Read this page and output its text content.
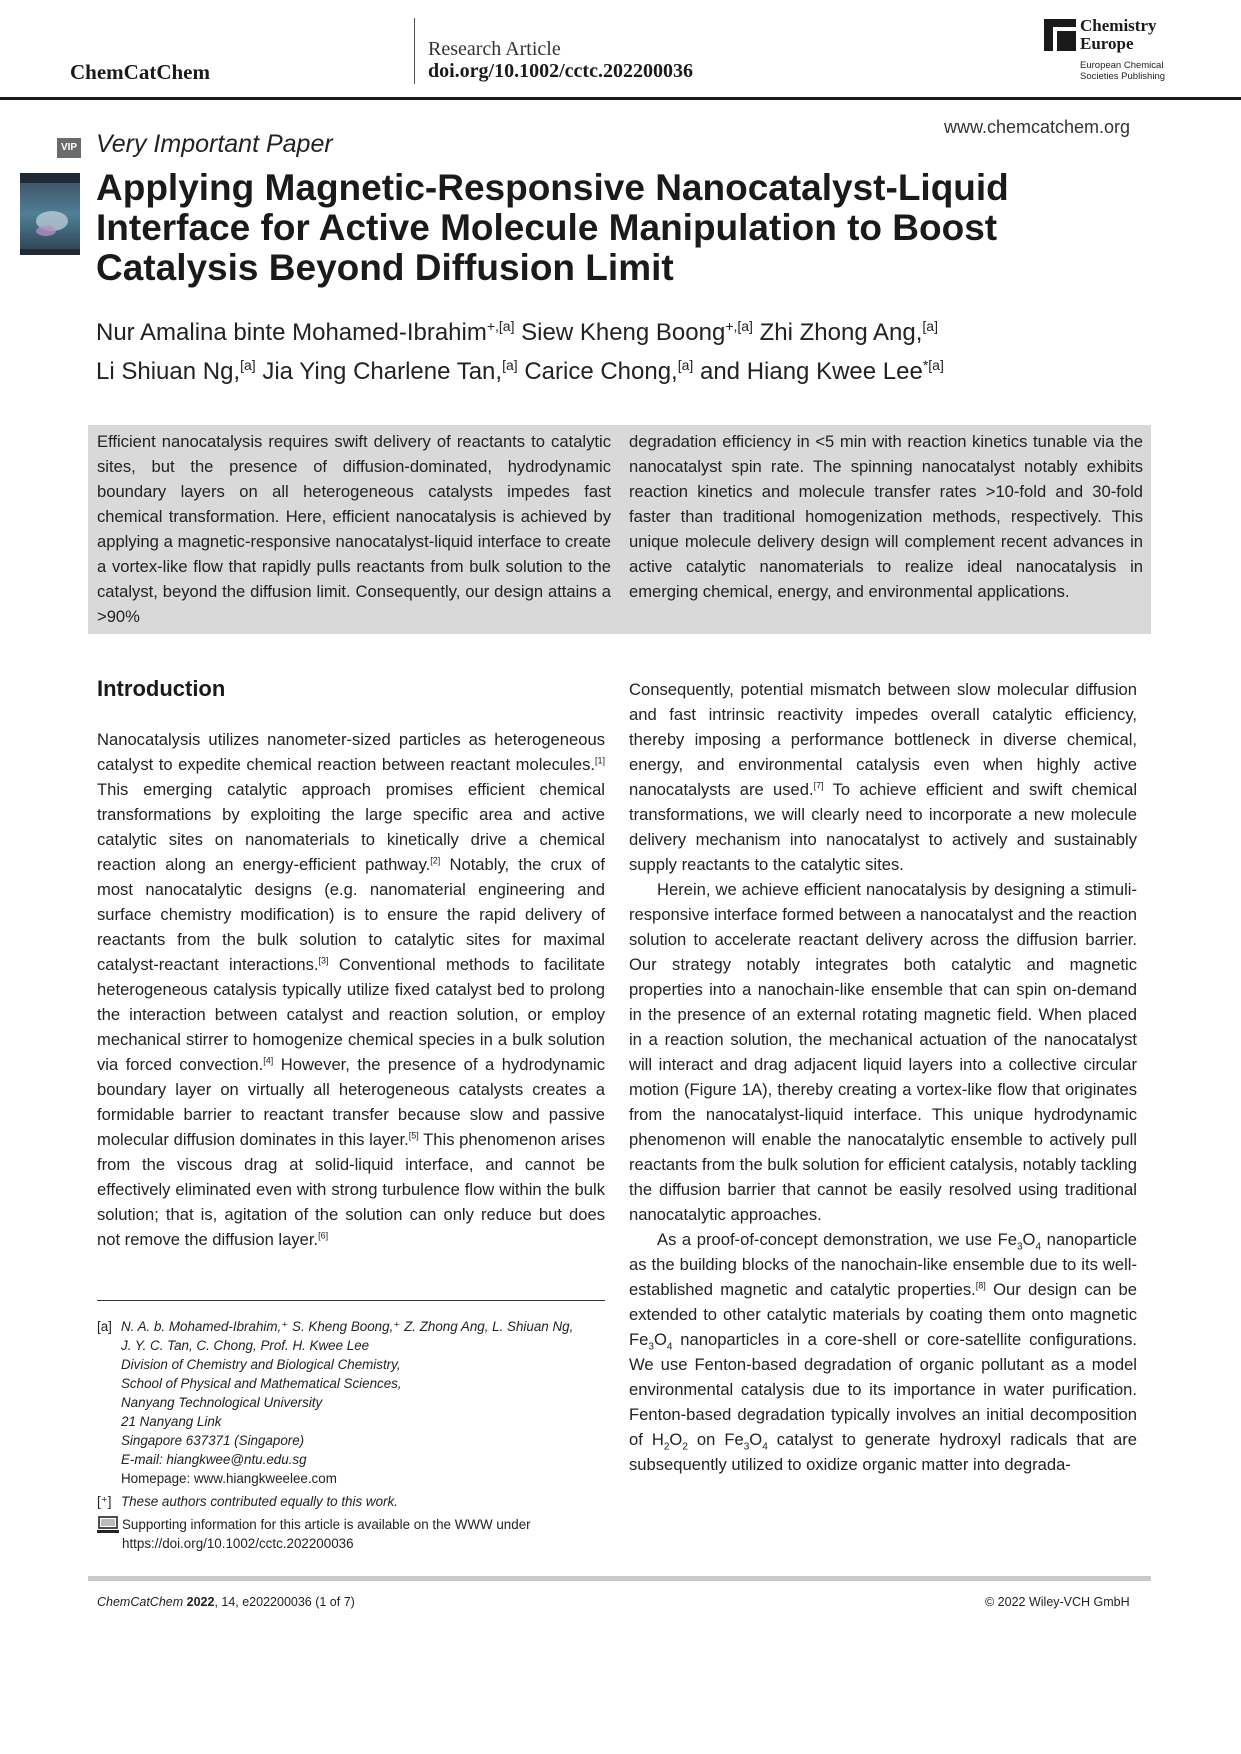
ChemCatChem
Research Article
doi.org/10.1002/cctc.202200036
Chemistry
Europe
European Chemical
Societies Publishing
www.chemcatchem.org
VIP Very Important Paper
Applying Magnetic-Responsive Nanocatalyst-Liquid Interface for Active Molecule Manipulation to Boost Catalysis Beyond Diffusion Limit
Nur Amalina binte Mohamed-Ibrahim$^{+,[a]}$ Siew Kheng Boong$^{+,[a]}$ Zhi Zhong Ang,[a]
Li Shiuan Ng,[a] Jia Ying Charlene Tan,[a] Carice Chong,[a] and Hiang Kwee Lee$^{*[a]}$
Efficient nanocatalysis requires swift delivery of reactants to catalytic sites, but the presence of diffusion-dominated, hydrodynamic boundary layers on all heterogeneous catalysts impedes fast chemical transformation. Here, efficient nanocatalysis is achieved by applying a magnetic-responsive nanocatalyst-liquid interface to create a vortex-like flow that rapidly pulls reactants from bulk solution to the catalyst, beyond the diffusion limit. Consequently, our design attains a >90%
degradation efficiency in <5 min with reaction kinetics tunable via the nanocatalyst spin rate. The spinning nanocatalyst notably exhibits reaction kinetics and molecule transfer rates >10-fold and 30-fold faster than traditional homogenization methods, respectively. This unique molecule delivery design will complement recent advances in active catalytic nanomaterials to realize ideal nanocatalysis in emerging chemical, energy, and environmental applications.
Introduction

Nanocatalysis utilizes nanometer-sized particles as heterogeneous catalyst to expedite chemical reaction between reactant molecules.[1] This emerging catalytic approach promises efficient chemical transformations by exploiting the large specific area and active catalytic sites on nanomaterials to kinetically drive a chemical reaction along an energy-efficient pathway.[2] Notably, the crux of most nanocatalytic designs (e.g. nanomaterial engineering and surface chemistry modification) is to ensure the rapid delivery of reactants from the bulk solution to catalytic sites for maximal catalyst-reactant interactions.[3] Conventional methods to facilitate heterogeneous catalysis typically utilize fixed catalyst bed to prolong the interaction between catalyst and reaction solution, or employ mechanical stirrer to homogenize chemical species in a bulk solution via forced convection.[4] However, the presence of a hydrodynamic boundary layer on virtually all heterogeneous catalysts creates a formidable barrier to reactant transfer because slow and passive molecular diffusion dominates in this layer.[5] This phenomenon arises from the viscous drag at solid-liquid interface, and cannot be effectively eliminated even with strong turbulence flow within the bulk solution; that is, agitation of the solution can only reduce but does not remove the diffusion layer.[6]

Consequently, potential mismatch between slow molecular diffusion and fast intrinsic reactivity impedes overall catalytic efficiency, thereby imposing a performance bottleneck in diverse chemical, energy, and environmental catalysis even when highly active nanocatalysts are used.[7] To achieve efficient and swift chemical transformations, we will clearly need to incorporate a new molecule delivery mechanism into nanocatalyst to actively and sustainably supply reactants to the catalytic sites.

Herein, we achieve efficient nanocatalysis by designing a stimuli-responsive interface formed between a nanocatalyst and the reaction solution to accelerate reactant delivery across the diffusion barrier. Our strategy notably integrates both catalytic and magnetic properties into a nanochain-like ensemble that can spin on-demand in the presence of an external rotating magnetic field. When placed in a reaction solution, the mechanical actuation of the nanocatalyst will interact and drag adjacent liquid layers into a collective circular motion (Figure 1A), thereby creating a vortex-like flow that originates from the nanocatalyst-liquid interface. This unique hydrodynamic phenomenon will enable the nanocatalytic ensemble to actively pull reactants from the bulk solution for efficient catalysis, notably tackling the diffusion barrier that cannot be easily resolved using traditional nanocatalytic approaches.

As a proof-of-concept demonstration, we use $Fe_3O_4$ nanoparticle as the building blocks of the nanochain-like ensemble due to its well-established magnetic and catalytic properties.[8] Our design can be extended to other catalytic materials by coating them onto magnetic $Fe_3O_4$ nanoparticles in a core-shell or core-satellite configurations. We use Fenton-based degradation of organic pollutant as a model environmental catalysis due to its importance in water purification. Fenton-based degradation typically involves an initial decomposition of $H_2O_2$ on $Fe_3O_4$ catalyst to generate hydroxyl radicals that are subsequently utilized to oxidize organic matter into degrada-

[a] N. A. b. Mohamed-Ibrahim,⁺ S. Kheng Boong,⁺ Z. Zhong Ang, L. Shiuan Ng,
J. Y. C. Tan, C. Chong, Prof. H. Kwee Lee
Division of Chemistry and Biological Chemistry,
School of Physical and Mathematical Sciences,
Nanyang Technological University
21 Nanyang Link
Singapore 637371 (Singapore)
E-mail: hiangkwee@ntu.edu.sg
Homepage: www.hiangkweelee.com
[⁺] These authors contributed equally to this work.
Supporting information for this article is available on the WWW under https://doi.org/10.1002/cctc.202200036
ChemCatChem 2022, 14, e202200036 (1 of 7)	© 2022 Wiley-VCH GmbH
